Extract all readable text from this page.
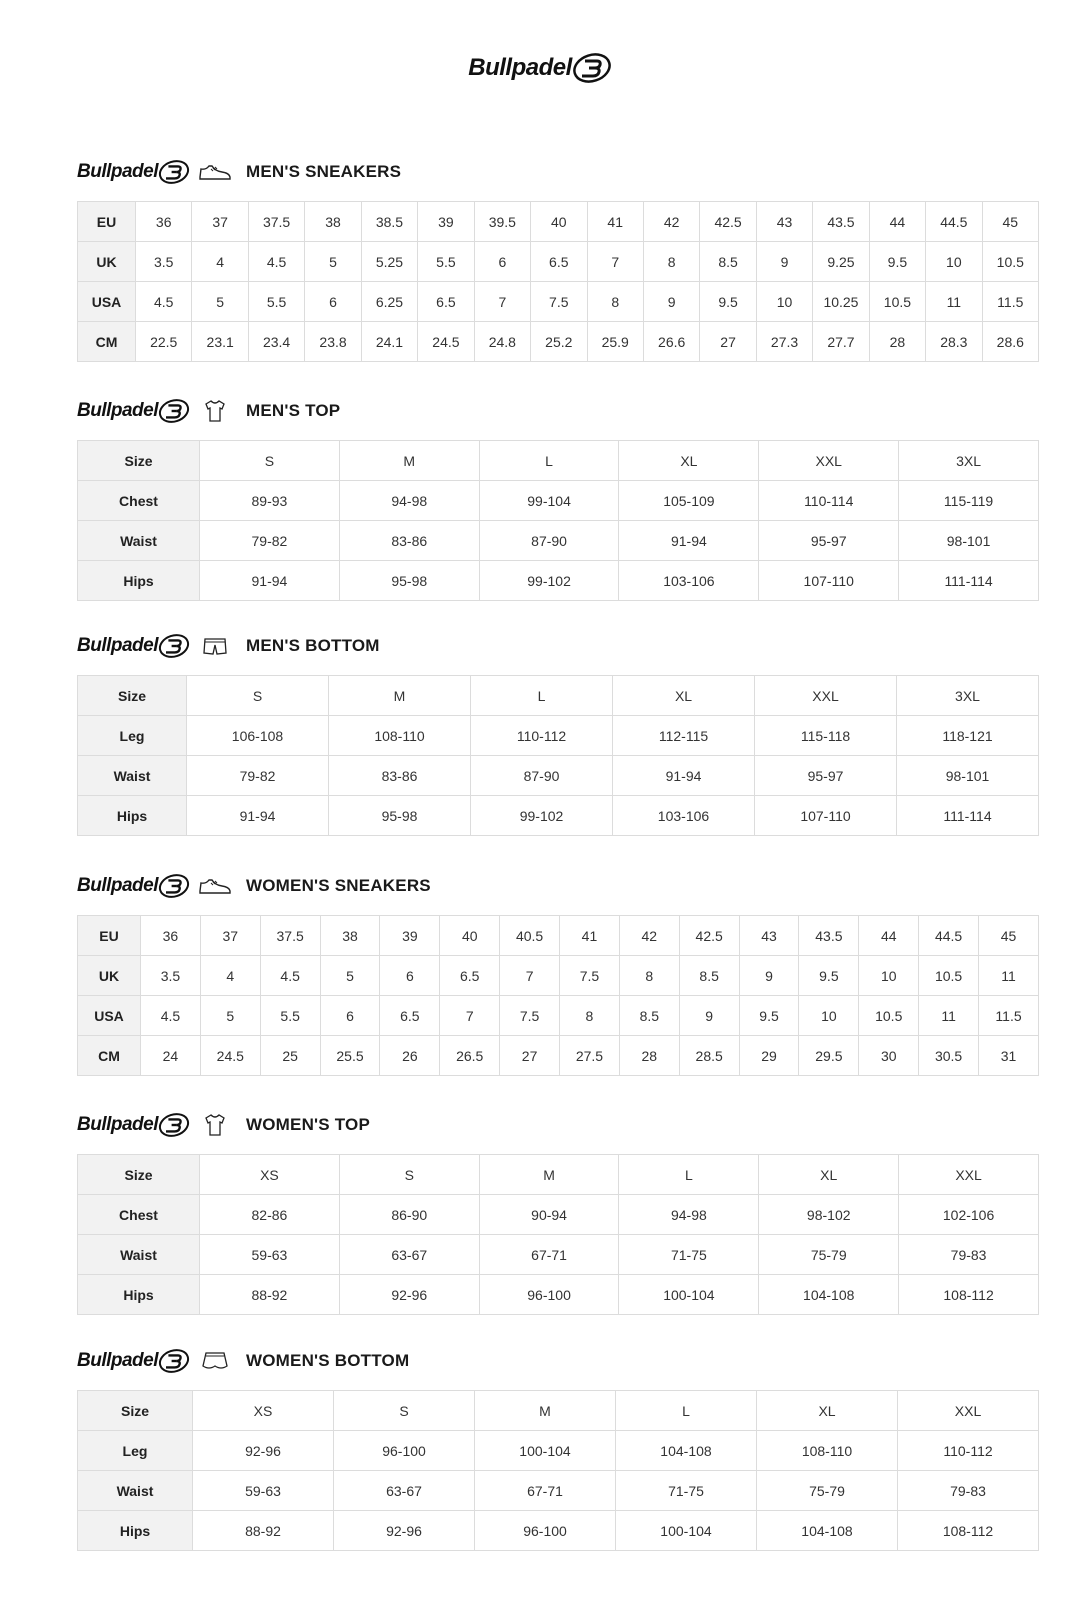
Bullpadel
Bullpadel	MEN'S SNEAKERS
EU	36	37	37.5	38	38.5	39	39.5	40	41	42	42.5	43	43.5	44	44.5	45
UK	3.5	4	4.5	5	5.25	5.5	6	6.5	7	8	8.5	9	9.25	9.5	10	10.5
USA	4.5	5	5.5	6	6.25	6.5	7	7.5	8	9	9.5	10	10.25	10.5	11	11.5
CM	22.5	23.1	23.4	23.8	24.1	24.5	24.8	25.2	25.9	26.6	27	27.3	27.7	28	28.3	28.6
Bullpadel	MEN'S TOP
Size	S	M	L	XL	XXL	3XL
Chest	89-93	94-98	99-104	105-109	110-114	115-119
Waist	79-82	83-86	87-90	91-94	95-97	98-101
Hips	91-94	95-98	99-102	103-106	107-110	111-114
Bullpadel	MEN'S BOTTOM
Size	S	M	L	XL	XXL	3XL
Leg	106-108	108-110	110-112	112-115	115-118	118-121
Waist	79-82	83-86	87-90	91-94	95-97	98-101
Hips	91-94	95-98	99-102	103-106	107-110	111-114
Bullpadel	WOMEN'S SNEAKERS
EU	36	37	37.5	38	39	40	40.5	41	42	42.5	43	43.5	44	44.5	45
UK	3.5	4	4.5	5	6	6.5	7	7.5	8	8.5	9	9.5	10	10.5	11
USA	4.5	5	5.5	6	6.5	7	7.5	8	8.5	9	9.5	10	10.5	11	11.5
CM	24	24.5	25	25.5	26	26.5	27	27.5	28	28.5	29	29.5	30	30.5	31
Bullpadel	WOMEN'S TOP
Size	XS	S	M	L	XL	XXL
Chest	82-86	86-90	90-94	94-98	98-102	102-106
Waist	59-63	63-67	67-71	71-75	75-79	79-83
Hips	88-92	92-96	96-100	100-104	104-108	108-112
Bullpadel	WOMEN'S BOTTOM
Size	XS	S	M	L	XL	XXL
Leg	92-96	96-100	100-104	104-108	108-110	110-112
Waist	59-63	63-67	67-71	71-75	75-79	79-83
Hips	88-92	92-96	96-100	100-104	104-108	108-112
